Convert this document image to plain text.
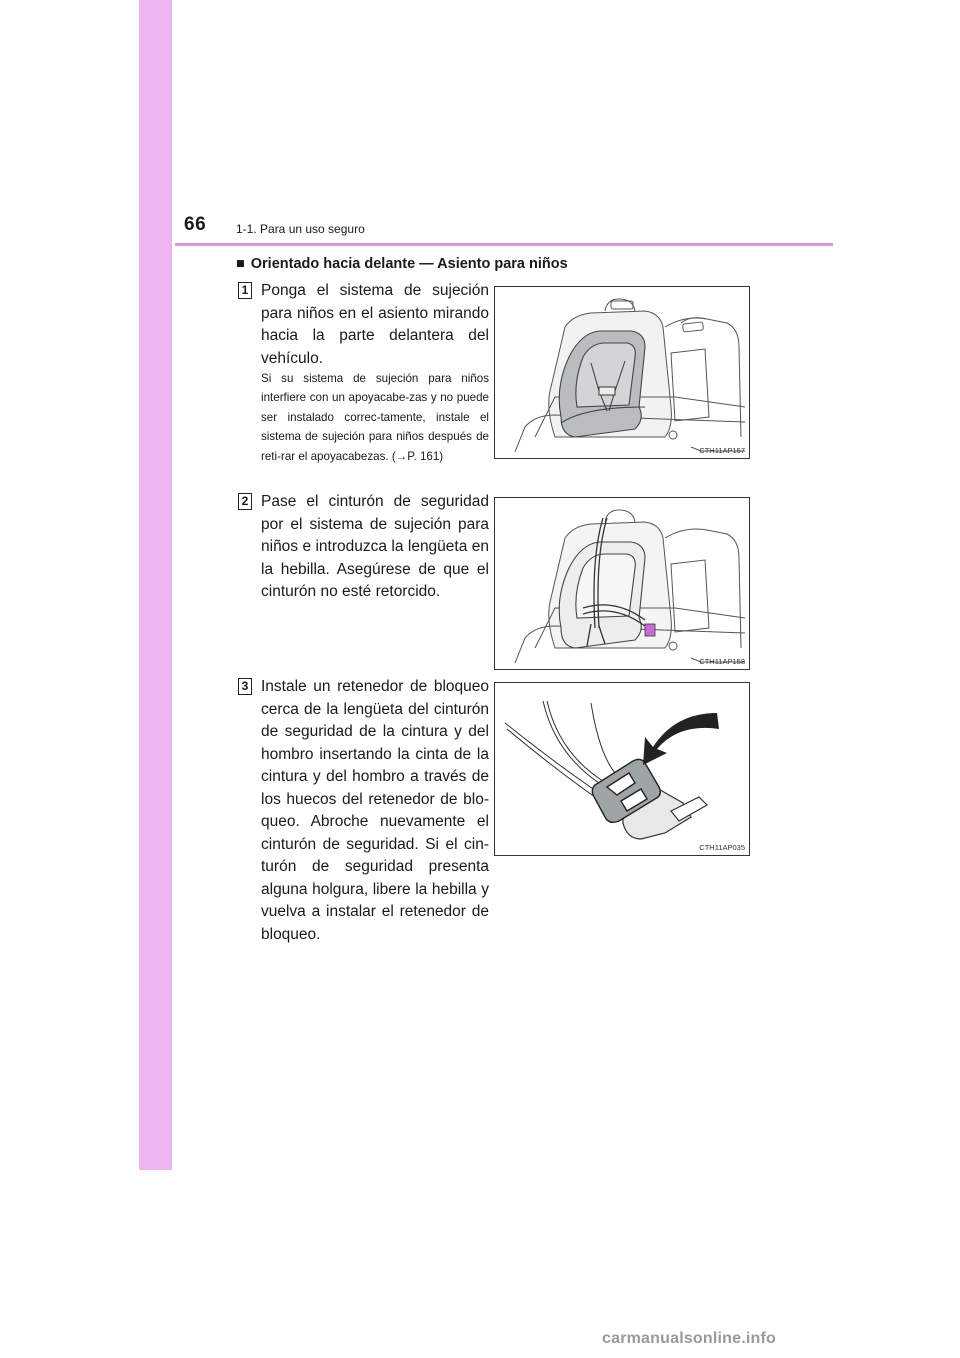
66 1-1. Para un uso seguro
■ Orientado hacia delante — Asiento para niños
1 Ponga el sistema de sujeción para niños en el asiento mirando hacia la parte delantera del vehículo.
Si su sistema de sujeción para niños interfiere con un apoyacabe-zas y no puede ser instalado correc-tamente, instale el sistema de sujeción para niños después de reti-rar el apoyacabezas. (→P. 161)	CTH11AP157
2 Pase el cinturón de seguridad por el sistema de sujeción para niños e introduzca la lengüeta en la hebilla. Asegúrese de que el cinturón no esté retorcido.
CTH11AP158
3 Instale un retenedor de bloqueo cerca de la lengüeta del cinturón de seguridad de la cintura y del hombro insertando la cinta de la cintura y del hombro a través de los huecos del retenedor de blo-queo. Abroche nuevamente el cinturón de seguridad. Si el cin-turón de seguridad presenta alguna holgura, libere la hebilla y vuelva a instalar el retenedor de bloqueo.
CTH11AP035
carmanualsonline.info
